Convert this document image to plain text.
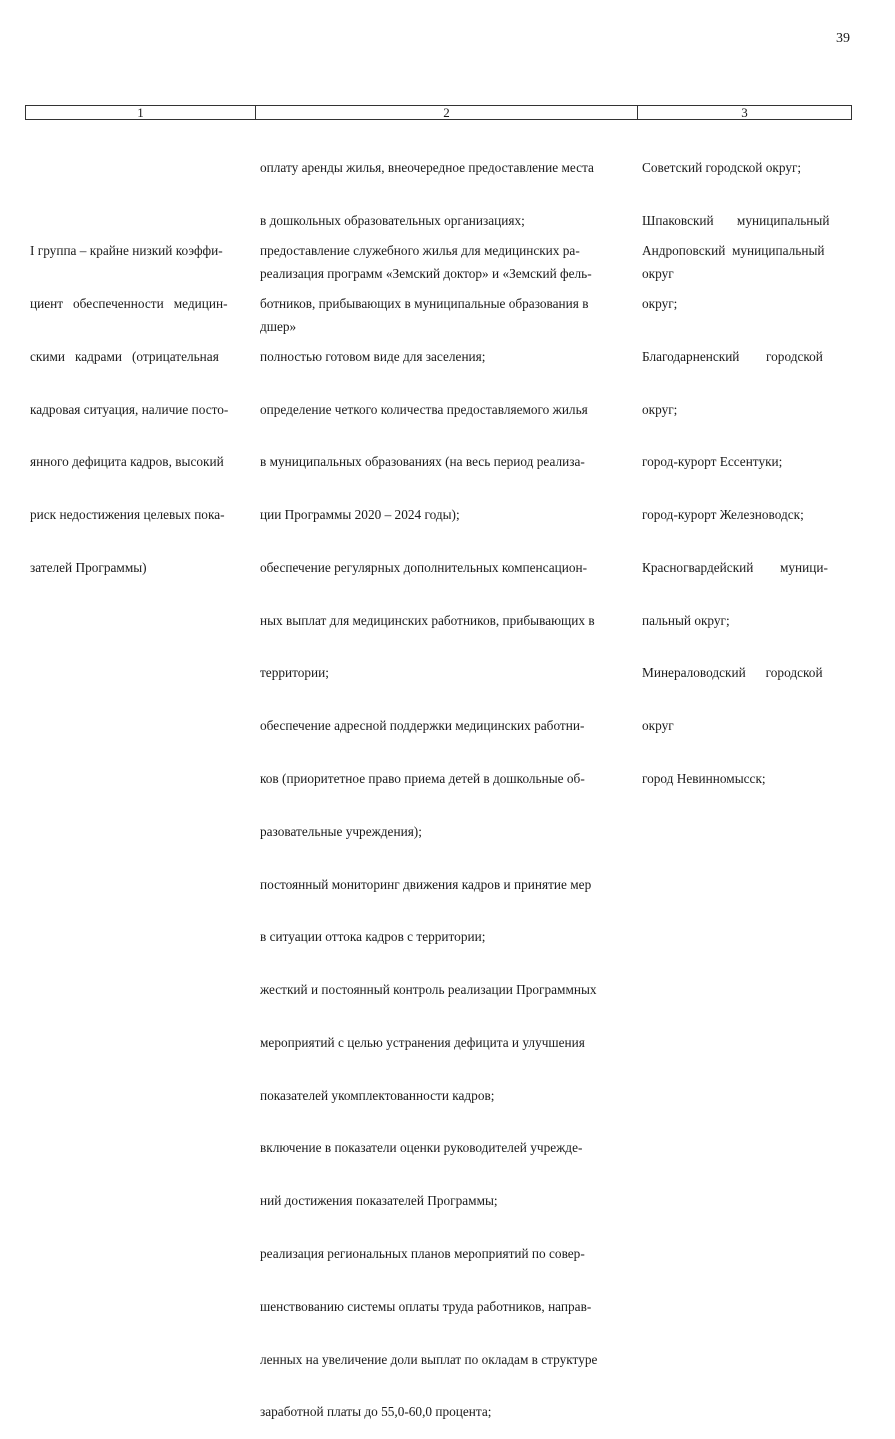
39
1	2	3

оплату аренды жилья, внеочередное предоставление места

в дошкольных образовательных организациях;

реализация программ «Земский доктор» и «Земский фель-

дшер»

Советский городской округ;

Шпаковский       муниципальный

округ

I группа – крайне низкий коэффи-

циент   обеспеченности   медицин-

скими   кадрами   (отрицательная

кадровая ситуация, наличие посто-

янного дефицита кадров, высокий

риск недостижения целевых пока-

зателей Программы)

предоставление служебного жилья для медицинских ра-

ботников, прибывающих в муниципальные образования в

полностью готовом виде для заселения;

определение четкого количества предоставляемого жилья

в муниципальных образованиях (на весь период реализа-

ции Программы 2020 – 2024 годы);

обеспечение регулярных дополнительных компенсацион-

ных выплат для медицинских работников, прибывающих в

территории;

обеспечение адресной поддержки медицинских работни-

ков (приоритетное право приема детей в дошкольные об-

разовательные учреждения);

постоянный мониторинг движения кадров и принятие мер

в ситуации оттока кадров с территории;

жесткий и постоянный контроль реализации Программных

мероприятий с целью устранения дефицита и улучшения

показателей укомплектованности кадров;

включение в показатели оценки руководителей учрежде-

ний достижения показателей Программы;

реализация региональных планов мероприятий по совер-

шенствованию системы оплаты труда работников, направ-

ленных на увеличение доли выплат по окладам в структуре

заработной платы до 55,0-60,0 процента;

Андроповский  муниципальный

округ;

Благодарненский        городской

округ;

город-курорт Ессентуки;

город-курорт Железноводск;

Красногвардейский        муници-

пальный округ;

Минераловодский      городской

округ

город Невинномысск;
